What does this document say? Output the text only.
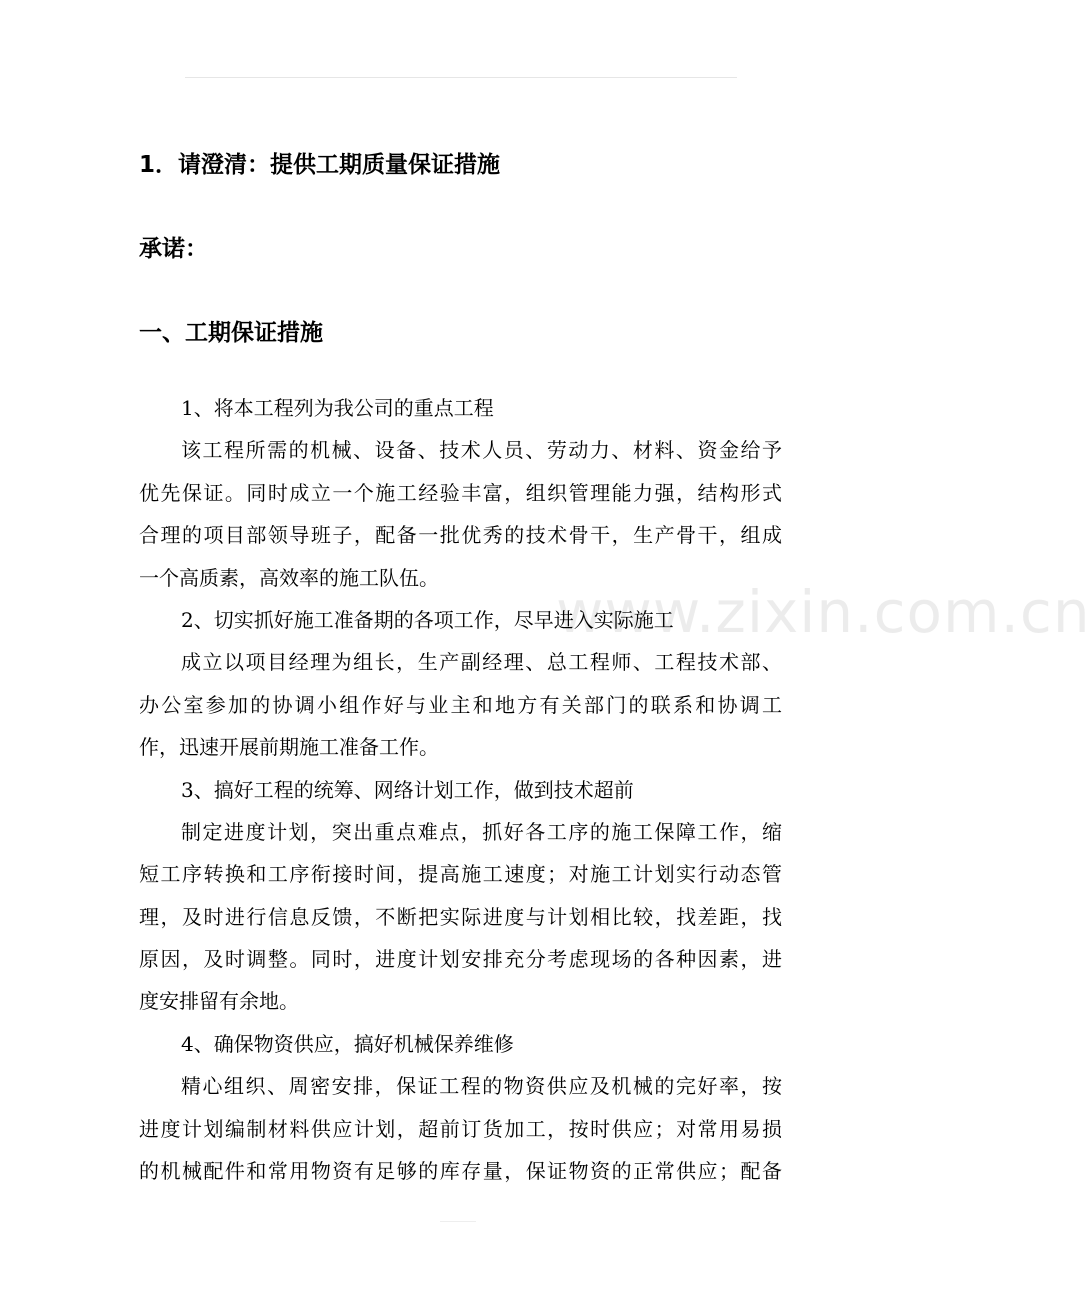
www.zixin.com.cn
1．请澄清：提供工期质量保证措施
承诺：
一、工期保证措施
1、将本工程列为我公司的重点工程
该工程所需的机械、设备、技术人员、劳动力、材料、资金给予
优先保证。同时成立一个施工经验丰富，组织管理能力强，结构形式
合理的项目部领导班子，配备一批优秀的技术骨干，生产骨干，组成
一个高质素，高效率的施工队伍。
2、切实抓好施工准备期的各项工作，尽早进入实际施工
成立以项目经理为组长，生产副经理、总工程师、工程技术部、
办公室参加的协调小组作好与业主和地方有关部门的联系和协调工
作，迅速开展前期施工准备工作。
3、搞好工程的统筹、网络计划工作，做到技术超前
制定进度计划，突出重点难点，抓好各工序的施工保障工作，缩
短工序转换和工序衔接时间，提高施工速度；对施工计划实行动态管
理，及时进行信息反馈，不断把实际进度与计划相比较，找差距，找
原因，及时调整。同时，进度计划安排充分考虑现场的各种因素，进
度安排留有余地。
4、确保物资供应，搞好机械保养维修
精心组织、周密安排，保证工程的物资供应及机械的完好率，按
进度计划编制材料供应计划，超前订货加工，按时供应；对常用易损
的机械配件和常用物资有足够的库存量，保证物资的正常供应；配备
